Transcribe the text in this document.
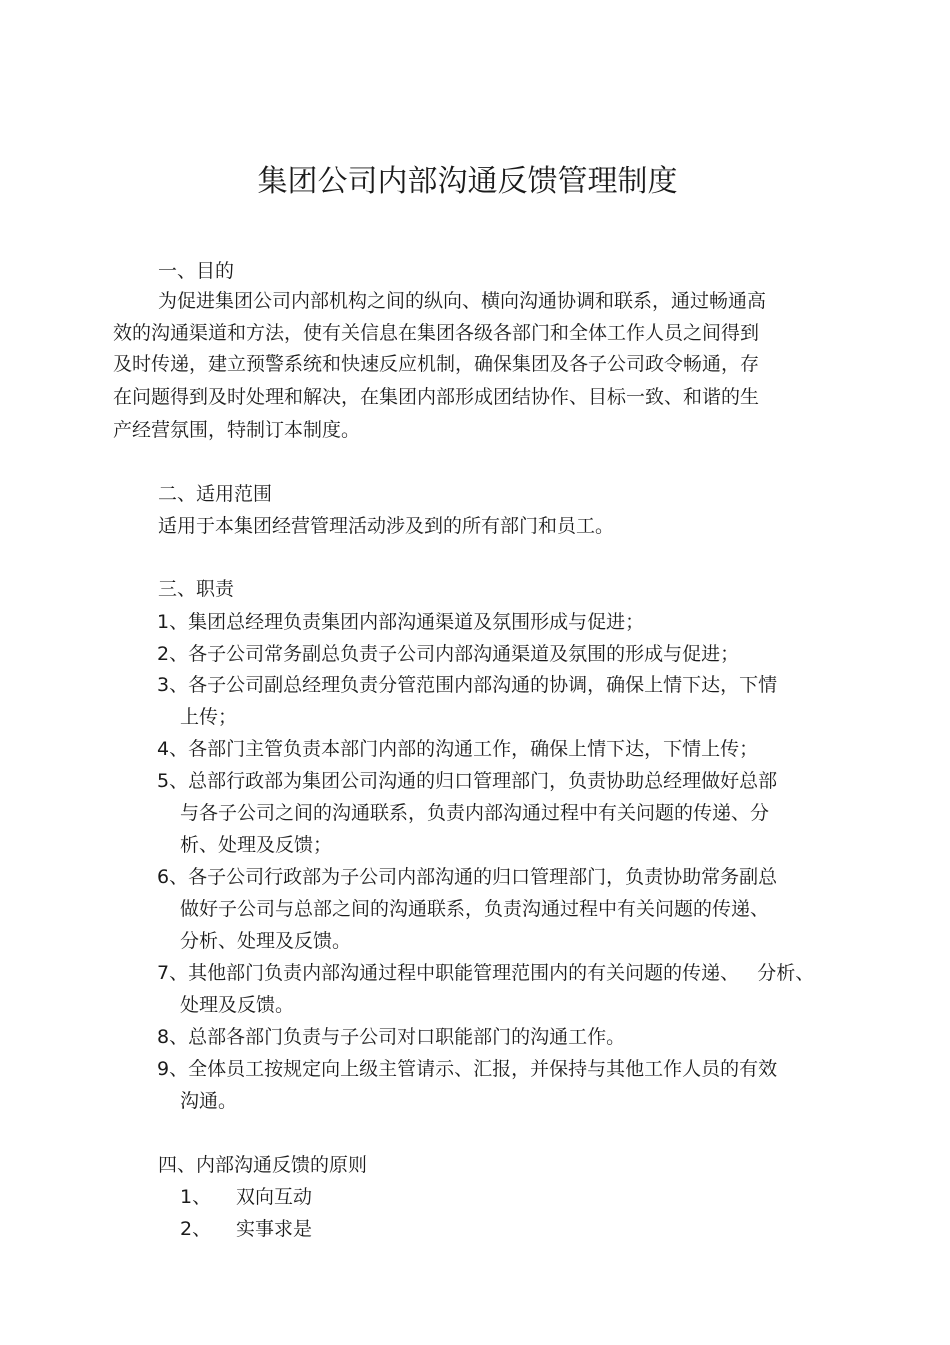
集团公司内部沟通反馈管理制度
一、目的
为促进集团公司内部机构之间的纵向、横向沟通协调和联系，通过畅通高
效的沟通渠道和方法，使有关信息在集团各级各部门和全体工作人员之间得到
及时传递，建立预警系统和快速反应机制，确保集团及各子公司政令畅通，存
在问题得到及时处理和解决，在集团内部形成团结协作、目标一致、和谐的生
产经营氛围，特制订本制度。
二、适用范围
适用于本集团经营管理活动涉及到的所有部门和员工。
三、职责
1、集团总经理负责集团内部沟通渠道及氛围形成与促进；
2、各子公司常务副总负责子公司内部沟通渠道及氛围的形成与促进；
3、各子公司副总经理负责分管范围内部沟通的协调，确保上情下达，下情
上传；
4、各部门主管负责本部门内部的沟通工作，确保上情下达，下情上传；
5、总部行政部为集团公司沟通的归口管理部门，负责协助总经理做好总部
与各子公司之间的沟通联系，负责内部沟通过程中有关问题的传递、分
析、处理及反馈；
6、各子公司行政部为子公司内部沟通的归口管理部门，负责协助常务副总
做好子公司与总部之间的沟通联系，负责沟通过程中有关问题的传递、
分析、处理及反馈。
7、其他部门负责内部沟通过程中职能管理范围内的有关问题的传递、   分析、
处理及反馈。
8、总部各部门负责与子公司对口职能部门的沟通工作。
9、全体员工按规定向上级主管请示、汇报，并保持与其他工作人员的有效
沟通。
四、内部沟通反馈的原则
1、 双向互动
2、 实事求是
